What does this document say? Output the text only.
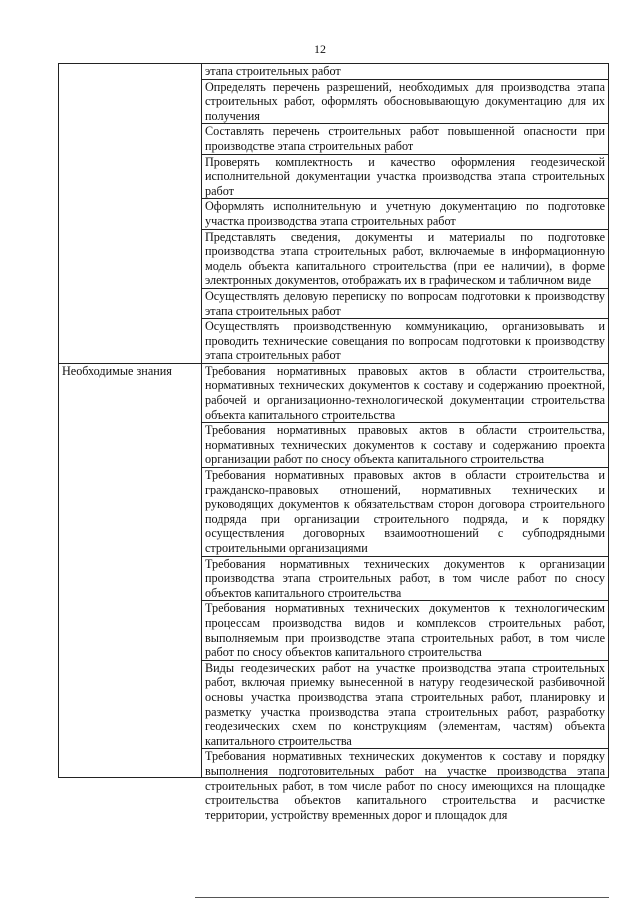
12
	этапа строительных работ
	Определять перечень разрешений, необходимых для производства этапа строительных работ, оформлять обосновывающую документацию для их получения
	Составлять перечень строительных работ повышенной опасности при производстве этапа строительных работ
	Проверять комплектность и качество оформления геодезической исполнительной документации участка производства этапа строительных работ
	Оформлять исполнительную и учетную документацию по подготовке участка производства этапа строительных работ
	Представлять сведения, документы и материалы по подготовке производства этапа строительных работ, включаемые в информационную модель объекта капитального строительства (при ее наличии), в форме электронных документов, отображать их в графическом и табличном виде
	Осуществлять деловую переписку по вопросам подготовки к производству этапа строительных работ
	Осуществлять производственную коммуникацию, организовывать и проводить технические совещания по вопросам подготовки к производству этапа строительных работ
Необходимые знания	Требования нормативных правовых актов в области строительства, нормативных технических документов к составу и содержанию проектной, рабочей и организационно-технологической документации строительства объекта капитального строительства
	Требования нормативных правовых актов в области строительства, нормативных технических документов к составу и содержанию проекта организации работ по сносу объекта капитального строительства
	Требования нормативных правовых актов в области строительства и гражданско-правовых отношений, нормативных технических и руководящих документов к обязательствам сторон договора строительного подряда при организации строительного подряда, и к порядку осуществления договорных взаимоотношений с субподрядными строительными организациями
	Требования нормативных технических документов к организации производства этапа строительных работ, в том числе работ по сносу объектов капитального строительства
	Требования нормативных технических документов к технологическим процессам производства видов и комплексов строительных работ, выполняемым при производстве этапа строительных работ, в том числе работ по сносу объектов капитального строительства
	Виды геодезических работ на участке производства этапа строительных работ, включая приемку вынесенной в натуру геодезической разбивочной основы участка производства этапа строительных работ, планировку и разметку участка производства этапа строительных работ, разработку геодезических схем по конструкциям (элементам, частям) объекта капитального строительства

	Требования нормативных технических документов к составу и порядку выполнения подготовительных работ на участке производства этапа строительных работ, в том числе работ по сносу имеющихся на площадке строительства объектов капитального строительства и расчистке территории, устройству временных дорог и площадок для
